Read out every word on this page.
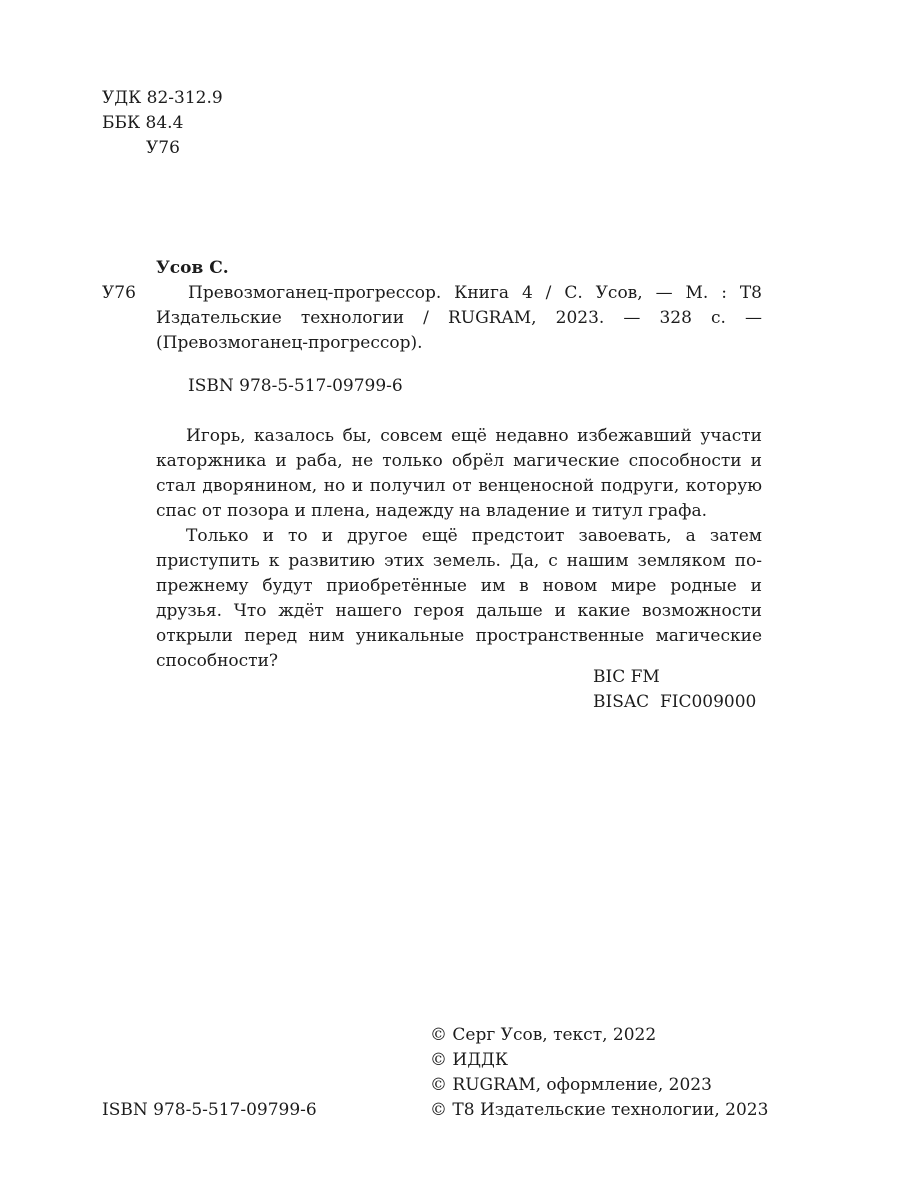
УДК 82-312.9
ББК 84.4
У76
Усов С.
У76	Превозмоганец-прогрессор. Книга 4 / С. Усов, — М. : Т8 Издательские технологии / RUGRAM, 2023. — 328 с. — (Превозмоганец-прогрессор).
ISBN 978-5-517-09799-6

Игорь, казалось бы, совсем ещё недавно избежавший участи каторжника и раба, не только обрёл магические способности и стал дворянином, но и получил от венценосной подруги, которую спас от позора и плена, надежду на владение и титул графа.

Только и то и другое ещё предстоит завоевать, а затем приступить к развитию этих земель. Да, с нашим земляком по-прежнему будут приобретённые им в новом мире родные и друзья. Что ждёт нашего героя дальше и какие возможности открыли перед ним уникальные пространственные магические способности?

BIC FM
BISAC  FIC009000
ISBN 978-5-517-09799-6
© Серг Усов, текст, 2022
© ИДДК
© RUGRAM, оформление, 2023
© Т8 Издательские технологии, 2023
